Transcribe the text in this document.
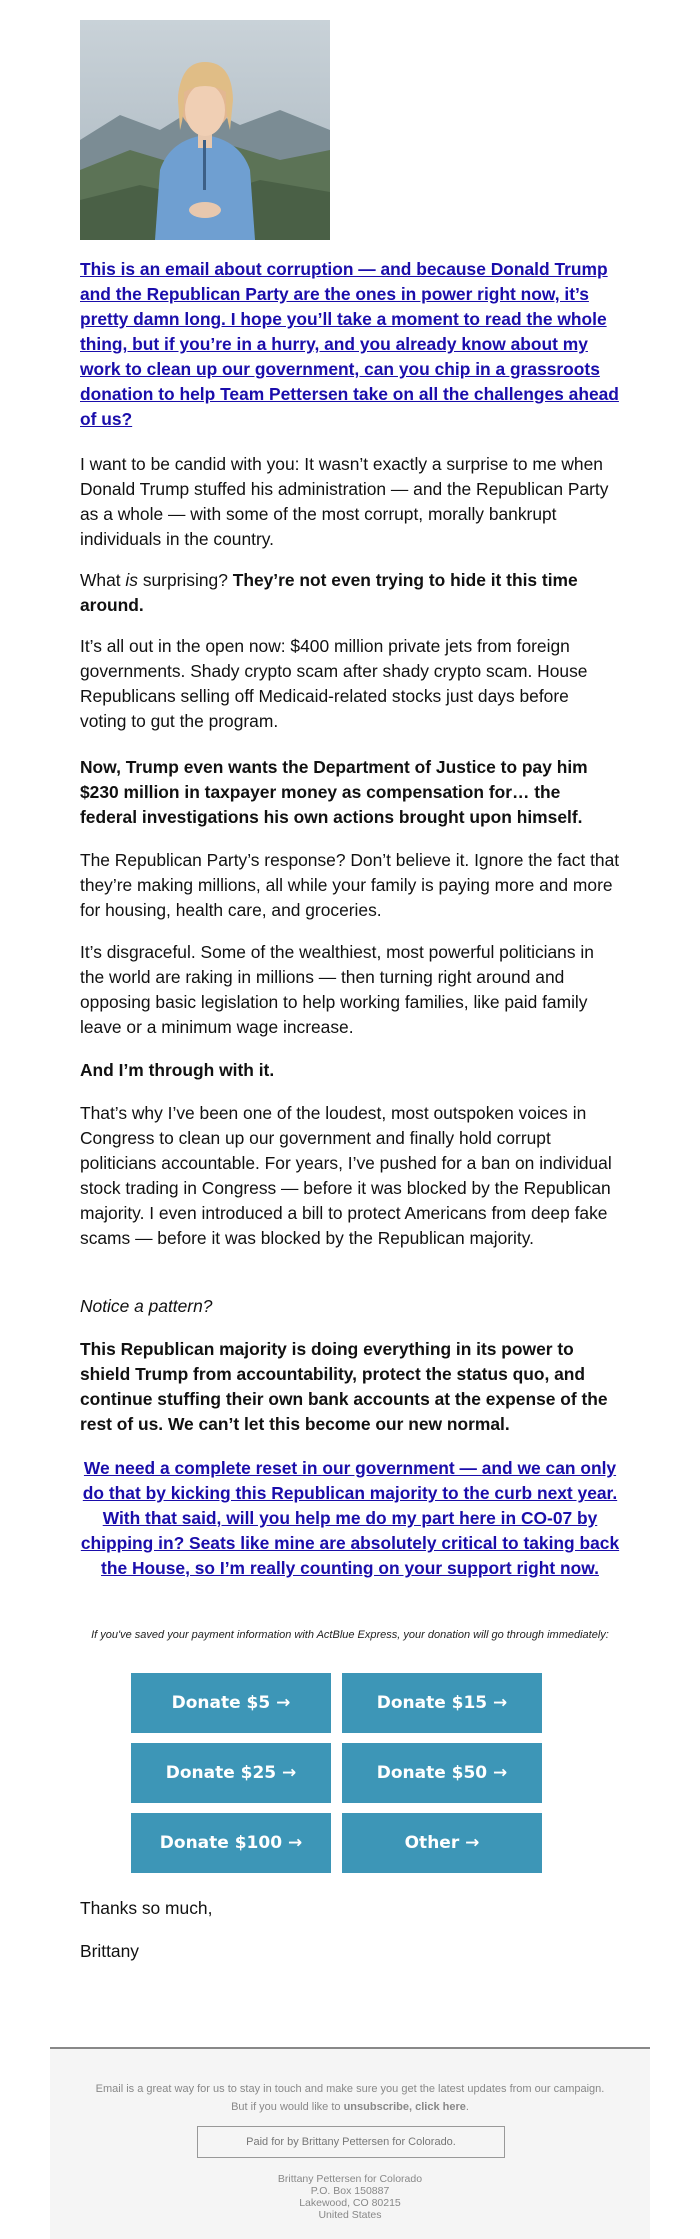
This is an email about corruption — and because Donald Trump and the Republican Party are the ones in power right now, it’s pretty damn long. I hope you’ll take a moment to read the whole thing, but if you’re in a hurry, and you already know about my work to clean up our government, can you chip in a grassroots donation to help Team Pettersen take on all the challenges ahead of us?

I want to be candid with you: It wasn’t exactly a surprise to me when Donald Trump stuffed his administration — and the Republican Party as a whole — with some of the most corrupt, morally bankrupt individuals in the country.

What is surprising? They’re not even trying to hide it this time around.

It’s all out in the open now: $400 million private jets from foreign governments. Shady crypto scam after shady crypto scam. House Republicans selling off Medicaid-related stocks just days before voting to gut the program.

Now, Trump even wants the Department of Justice to pay him $230 million in taxpayer money as compensation for… the federal investigations his own actions brought upon himself.

The Republican Party’s response? Don’t believe it. Ignore the fact that they’re making millions, all while your family is paying more and more for housing, health care, and groceries.

It’s disgraceful. Some of the wealthiest, most powerful politicians in the world are raking in millions — then turning right around and opposing basic legislation to help working families, like paid family leave or a minimum wage increase.

And I’m through with it.

That’s why I’ve been one of the loudest, most outspoken voices in Congress to clean up our government and finally hold corrupt politicians accountable. For years, I’ve pushed for a ban on individual stock trading in Congress — before it was blocked by the Republican majority. I even introduced a bill to protect Americans from deep fake scams — before it was blocked by the Republican majority.

Notice a pattern?

This Republican majority is doing everything in its power to shield Trump from accountability, protect the status quo, and continue stuffing their own bank accounts at the expense of the rest of us. We can’t let this become our new normal.

We need a complete reset in our government — and we can only do that by kicking this Republican majority to the curb next year. With that said, will you help me do my part here in CO-07 by chipping in? Seats like mine are absolutely critical to taking back the House, so I’m really counting on your support right now.
If you've saved your payment information with ActBlue Express, your donation will go through immediately:
Donate $5 →	Donate $15 →
Donate $25 →	Donate $50 →
Donate $100 →	Other →
Thanks so much,
Brittany
Email is a great way for us to stay in touch and make sure you get the latest updates from our campaign.
But if you would like to unsubscribe, click here.
Paid for by Brittany Pettersen for Colorado.
Brittany Pettersen for Colorado
P.O. Box 150887
Lakewood, CO 80215
United States
